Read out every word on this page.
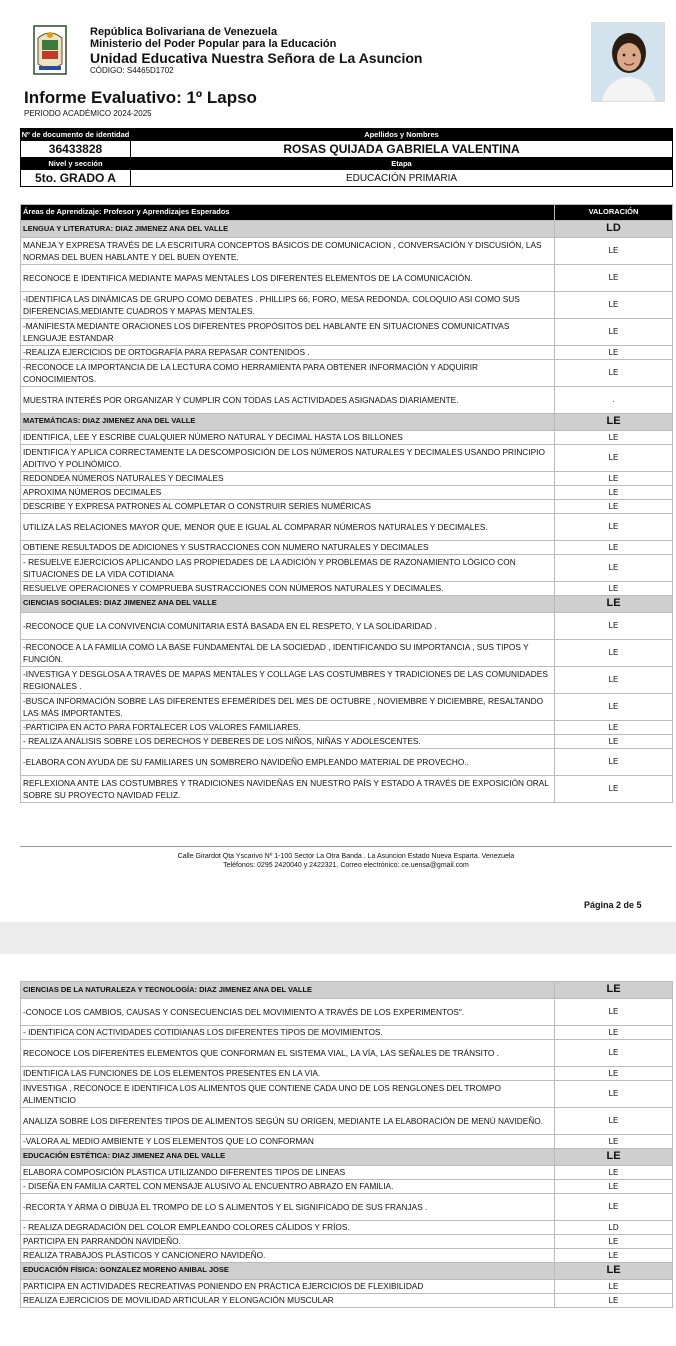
República Bolivariana de Venezuela
Ministerio del Poder Popular para la Educación
Unidad Educativa Nuestra Señora de La Asuncion
CÓDIGO: S4465D1702
Informe Evaluativo: 1º Lapso
PERIODO ACADÉMICO 2024-2025
Nº de documento de identidad	Apellidos y Nombres
36433828	ROSAS QUIJADA GABRIELA VALENTINA
Nivel y sección	Etapa
5to. GRADO A	EDUCACIÓN PRIMARIA
Áreas de Aprendizaje: Profesor y Aprendizajes Esperados	VALORACIÓN
LENGUA Y LITERATURA: DIAZ JIMENEZ ANA DEL VALLE	LD
MANEJA Y EXPRESA TRAVÉS DE LA ESCRITURA CONCEPTOS BÁSICOS DE COMUNICACION , CONVERSACIÓN Y DISCUSIÓN, LAS NORMAS DEL BUEN HABLANTE Y DEL BUEN OYENTE.	LE
RECONOCE E IDENTIFICA MEDIANTE MAPAS MENTALES LOS DIFERENTES ELEMENTOS DE LA COMUNICACIÓN.	LE
-IDENTIFICA LAS DINÁMICAS DE GRUPO COMO DEBATES . PHILLIPS 66, FORO, MESA REDONDA, COLOQUIO ASI COMO SUS DIFERENCIAS,MEDIANTE CUADROS Y MAPAS MENTALES.	LE
-MANIFIESTA MEDIANTE ORACIONES LOS DIFERENTES PROPÓSITOS DEL HABLANTE EN SITUACIONES COMUNICATIVAS LENGUAJE ESTANDAR	LE
-REALIZA EJERCICIOS DE ORTOGRAFÍA PARA REPASAR CONTENIDOS .	LE
-RECONOCE LA IMPORTANCIA DE LA LECTURA COMO HERRAMIENTA PARA OBTENER INFORMACIÓN Y ADQUIRIR CONOCIMIENTOS.	LE
MUESTRA INTERÉS POR ORGANIZAR Y CUMPLIR CON TODAS LAS ACTIVIDADES ASIGNADAS DIARIAMENTE.	.
MATEMÁTICAS: DIAZ JIMENEZ ANA DEL VALLE	LE
IDENTIFICA, LEE Y ESCRIBE CUALQUIER NÚMERO NATURAL Y DECIMAL HASTA LOS BILLONES	LE
IDENTIFICA Y APLICA CORRECTAMENTE LA DESCOMPOSICIÓN DE LOS NÚMEROS NATURALES Y DECIMALES USANDO PRINCIPIO ADITIVO Y POLINÓMICO.	LE
REDONDEA NÚMEROS NATURALES Y DECIMALES	LE
APROXIMA NÚMEROS DECIMALES	LE
DESCRIBE Y EXPRESA PATRONES AL COMPLETAR O CONSTRUIR SERIES NUMÉRICAS	LE
UTILIZA LAS RELACIONES MAYOR QUE, MENOR QUE E IGUAL AL COMPARAR NÚMEROS NATURALES Y DECIMALES.	LE
OBTIENE RESULTADOS DE ADICIONES Y SUSTRACCIONES CON NUMERO NATURALES Y DECIMALES	LE
- RESUELVE EJERCICIOS APLICANDO LAS PROPIEDADES DE LA ADICIÓN Y PROBLEMAS DE RAZONAMIENTO LÓGICO CON SITUACIONES DE LA VIDA COTIDIANA	LE
RESUELVE OPERACIONES Y COMPRUEBA SUSTRACCIONES CON NÚMEROS NATURALES Y DECIMALES.	LE
CIENCIAS SOCIALES: DIAZ JIMENEZ ANA DEL VALLE	LE
-RECONOCE QUE LA CONVIVENCIA COMUNITARIA ESTÁ BASADA EN EL RESPETO, Y LA SOLIDARIDAD .	LE
-RECONOCE A LA FAMILIA COMO LA BASE FUNDAMENTAL DE LA SOCIEDAD , IDENTIFICANDO SU IMPORTANCIA , SUS TIPOS Y FUNCIÓN.	LE
-INVESTIGA Y DESGLOSA A TRAVÉS DE MAPAS MENTALES Y COLLAGE LAS COSTUMBRES Y TRADICIONES DE LAS COMUNIDADES REGIONALES .	LE
-BUSCA INFORMACIÓN SOBRE LAS DIFERENTES EFEMÉRIDES DEL MES DE OCTUBRE , NOVIEMBRE Y DICIEMBRE, RESALTANDO LAS MÁS IMPORTANTES.	LE
-PARTICIPA EN ACTO PARA FORTALECER LOS VALORES FAMILIARES.	LE
- REALIZA ANÁLISIS SOBRE LOS DERECHOS Y DEBERES DE LOS NIÑOS, NIÑAS Y ADOLESCENTES.	LE
-ELABORA CON AYUDA DE SU FAMILIARES UN SOMBRERO NAVIDEÑO EMPLEANDO MATERIAL DE PROVECHO..	LE
REFLEXIONA ANTE LAS COSTUMBRES Y TRADICIONES NAVIDEÑAS EN NUESTRO PAÍS Y ESTADO A TRAVÉS DE EXPOSICIÓN ORAL SOBRE SU PROYECTO NAVIDAD FELIZ.	LE
Calle Girardot Qta Yscarivo Nº 1-100 Sector La Otra Banda . La Asuncion Estado Nueva Esparta. Venezuela
Teléfonos: 0295 2420040 y 2422321. Correo electrónico: ce.uensa@gmail.com
Página 2 de 5
CIENCIAS DE LA NATURALEZA Y TECNOLOGÍA: DIAZ JIMENEZ ANA DEL VALLE	LE
-CONOCE LOS CAMBIOS, CAUSAS Y CONSECUENCIAS DEL MOVIMIENTO A TRAVÉS DE LOS EXPERIMENTOS".	LE
- IDENTIFICA CON ACTIVIDADES COTIDIANAS LOS DIFERENTES TIPOS DE MOVIMIENTOS.	LE
RECONOCE LOS DIFERENTES ELEMENTOS QUE CONFORMAN EL SISTEMA VIAL, LA VÍA, LAS SEÑALES DE TRÁNSITO .	LE
IDENTIFICA LAS FUNCIONES DE LOS ELEMENTOS PRESENTES EN LA VIA.	LE
INVESTIGA , RECONOCE E IDENTIFICA LOS ALIMENTOS QUE CONTIENE CADA UNO DE LOS RENGLONES DEL TROMPO ALIMENTICIO	LE
ANALIZA SOBRE LOS DIFERENTES TIPOS DE ALIMENTOS SEGÚN SU ORIGEN, MEDIANTE LA ELABORACIÓN DE MENÚ NAVIDEÑO.	LE
-VALORA AL MEDIO AMBIENTE Y LOS ELEMENTOS QUE LO CONFORMAN	LE
EDUCACIÓN ESTÉTICA: DIAZ JIMENEZ ANA DEL VALLE	LE
ELABORA COMPOSICIÓN PLASTICA UTILIZANDO DIFERENTES TIPOS DE LINEAS	LE
- DISEÑA EN FAMILIA CARTEL CON MENSAJE ALUSIVO AL ENCUENTRO ABRAZO EN FAMILIA.	LE
-RECORTA Y ARMA O DIBUJA EL TROMPO DE LO S ALIMENTOS Y EL SIGNIFICADO DE SUS FRANJAS .	LE
- REALIZA DEGRADACIÓN DEL COLOR EMPLEANDO COLORES CÁLIDOS Y FRÍOS.	LD
PARTICIPA EN PARRANDÓN NAVIDEÑO.	LE
REALIZA TRABAJOS PLÁSTICOS Y CANCIONERO NAVIDEÑO.	LE
EDUCACIÓN FÍSICA: GONZALEZ MORENO ANIBAL JOSE	LE
PARTICIPA EN ACTIVIDADES RECREATIVAS PONIENDO EN PRÁCTICA EJERCICIOS DE FLEXIBILIDAD	LE
REALIZA EJERCICIOS DE MOVILIDAD ARTICULAR Y ELONGACIÓN MUSCULAR	LE
